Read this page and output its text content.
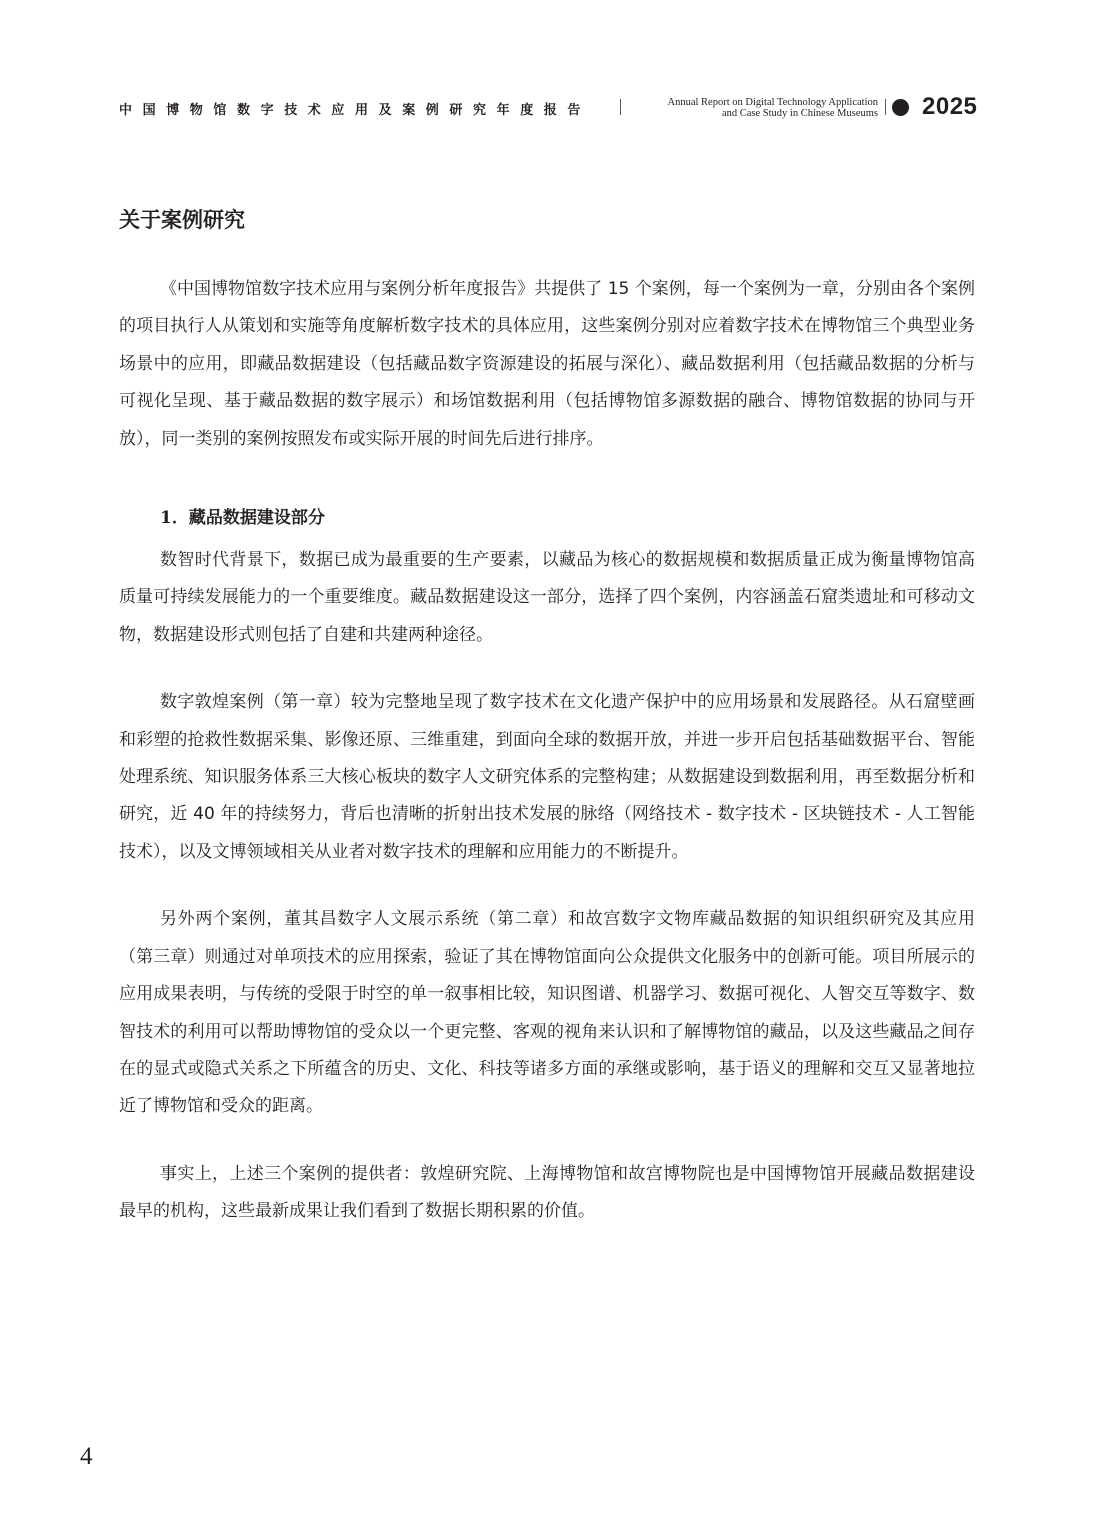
中国博物馆数字技术应用及案例研究年度报告
Annual Report on Digital Technology Application
and Case Study in Chinese Museums 2025
关于案例研究

《中国博物馆数字技术应用与案例分析年度报告》共提供了 15 个案例，每一个案例为一章，分别由各个案例的项目执行人从策划和实施等角度解析数字技术的具体应用，这些案例分别对应着数字技术在博物馆三个典型业务场景中的应用，即藏品数据建设（包括藏品数字资源建设的拓展与深化）、藏品数据利用（包括藏品数据的分析与可视化呈现、基于藏品数据的数字展示）和场馆数据利用（包括博物馆多源数据的融合、博物馆数据的协同与开放），同一类别的案例按照发布或实际开展的时间先后进行排序。

1．藏品数据建设部分

数智时代背景下，数据已成为最重要的生产要素，以藏品为核心的数据规模和数据质量正成为衡量博物馆高质量可持续发展能力的一个重要维度。藏品数据建设这一部分，选择了四个案例，内容涵盖石窟类遗址和可移动文物，数据建设形式则包括了自建和共建两种途径。

数字敦煌案例（第一章）较为完整地呈现了数字技术在文化遗产保护中的应用场景和发展路径。从石窟壁画和彩塑的抢救性数据采集、影像还原、三维重建，到面向全球的数据开放，并进一步开启包括基础数据平台、智能处理系统、知识服务体系三大核心板块的数字人文研究体系的完整构建；从数据建设到数据利用，再至数据分析和研究，近 40 年的持续努力，背后也清晰的折射出技术发展的脉络（网络技术 - 数字技术 - 区块链技术 - 人工智能技术），以及文博领域相关从业者对数字技术的理解和应用能力的不断提升。

另外两个案例，董其昌数字人文展示系统（第二章）和故宫数字文物库藏品数据的知识组织研究及其应用（第三章）则通过对单项技术的应用探索，验证了其在博物馆面向公众提供文化服务中的创新可能。项目所展示的应用成果表明，与传统的受限于时空的单一叙事相比较，知识图谱、机器学习、数据可视化、人智交互等数字、数智技术的利用可以帮助博物馆的受众以一个更完整、客观的视角来认识和了解博物馆的藏品，以及这些藏品之间存在的显式或隐式关系之下所蕴含的历史、文化、科技等诸多方面的承继或影响，基于语义的理解和交互又显著地拉近了博物馆和受众的距离。

事实上，上述三个案例的提供者：敦煌研究院、上海博物馆和故宫博物院也是中国博物馆开展藏品数据建设最早的机构，这些最新成果让我们看到了数据长期积累的价值。

4
